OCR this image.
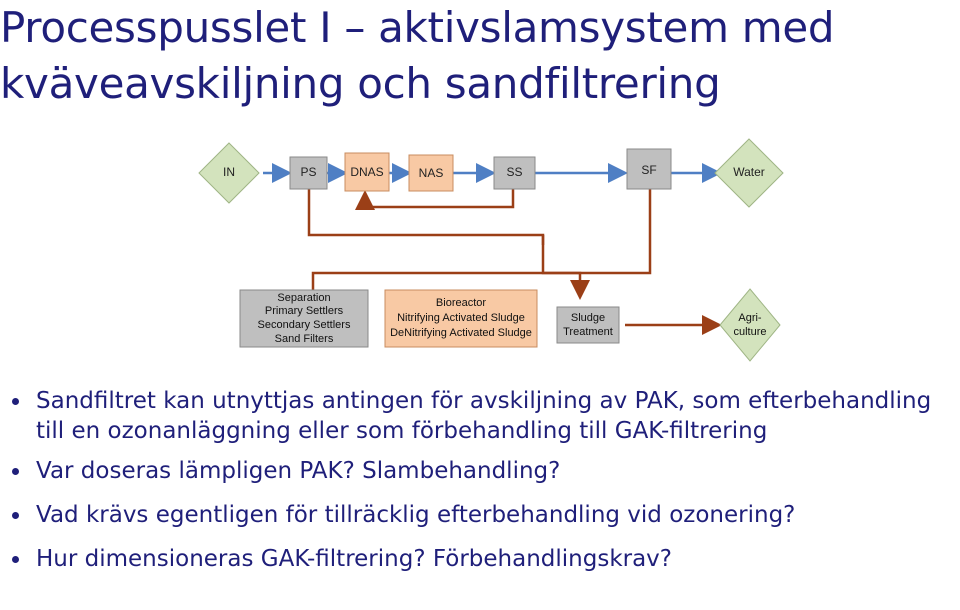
Processpusslet I – aktivslamsystem med
kväveavskiljning och sandfiltrering
IN	PS	DNAS	NAS	SS	SF	Water
Separation
Primary Settlers
Secondary Settlers
Sand Filters
Bioreactor
Nitrifying Activated Sludge
DeNitrifying Activated Sludge
Sludge
Treatment
Agri-
culture
Sandfiltret kan utnyttjas antingen för avskiljning av PAK, som efterbehandling till en ozonanläggning eller som förbehandling till GAK-filtrering
Var doseras lämpligen PAK? Slambehandling?
Vad krävs egentligen för tillräcklig efterbehandling vid ozonering?
Hur dimensioneras GAK-filtrering? Förbehandlingskrav?
